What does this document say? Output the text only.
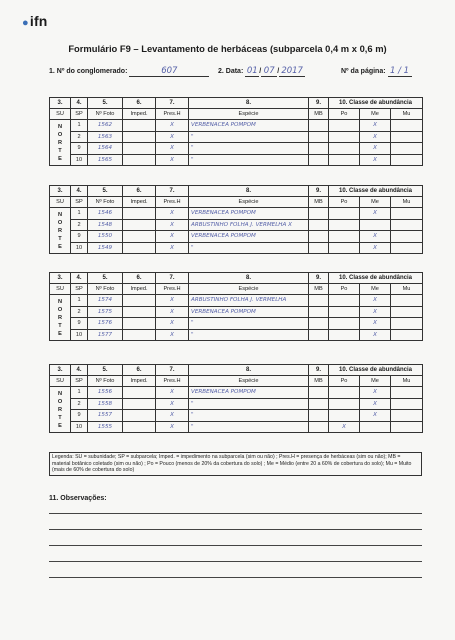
●ifn
Formulário F9 – Levantamento de herbáceas (subparcela 0,4 m x 0,6 m)
1. Nº do conglomerado:	607	2. Data: 01 / 07 / 2017	Nº da página: 1 / 1
3.	4.	5.	6.	7.	8.	9.	10. Classe de abundância		
SU	SP	Nº Foto	Imped.	Pres.H	Espécie	MB	Po	Me	Mu

N
O
R
T
E	1	1562		X	VERBENACEA POMPOM			X	
	2	1563		X	"			X	
	9	1564		X	"			X	
	10	1565		X	"			X	
3.	4.	5.	6.	7.	8.	9.	10. Classe de abundância		
SU	SP	Nº Foto	Imped.	Pres.H	Espécie	MB	Po	Me	Mu

N
O
R
T
E	1	1546		X	VERBENACEA POMPOM			X	
	2	1548		X	ARBUSTINHO FOLHA J. VERMELHA X				
	9	1550		X	VERBENACEA POMPOM			X	
	10	1549		X	"			X	
3.	4.	5.	6.	7.	8.	9.	10. Classe de abundância		
SU	SP	Nº Foto	Imped.	Pres.H	Espécie	MB	Po	Me	Mu

N
O
R
T
E	1	1574		X	ARBUSTINHO FOLHA J. VERMELHA			X	
	2	1575		X	VERBENACEA POMPOM			X	
	9	1576		X	"			X	
	10	1577		X	"			X	
3.	4.	5.	6.	7.	8.	9.	10. Classe de abundância		
SU	SP	Nº Foto	Imped.	Pres.H	Espécie	MB	Po	Me	Mu

N
O
R
T
E	1	1556		X	VERBENACEA POMPOM			X	
	2	1558		X	"			X	
	9	1557		X	"			X	
	10	1555		X	"		X		
Legenda: SU = subunidade; SP = subparcela; Imped. = impedimento na subparcela (sim ou não) ; Pres.H = presença de herbáceas (sim ou não); MB = material botânico coletado (sim ou não) ; Po = Pouco (menos de 20% da cobertura do solo) ; Me = Médio (entre 20 a 60% de cobertura do solo); Mu = Muito (mais de 60% de cobertura do solo)
11. Observações:
